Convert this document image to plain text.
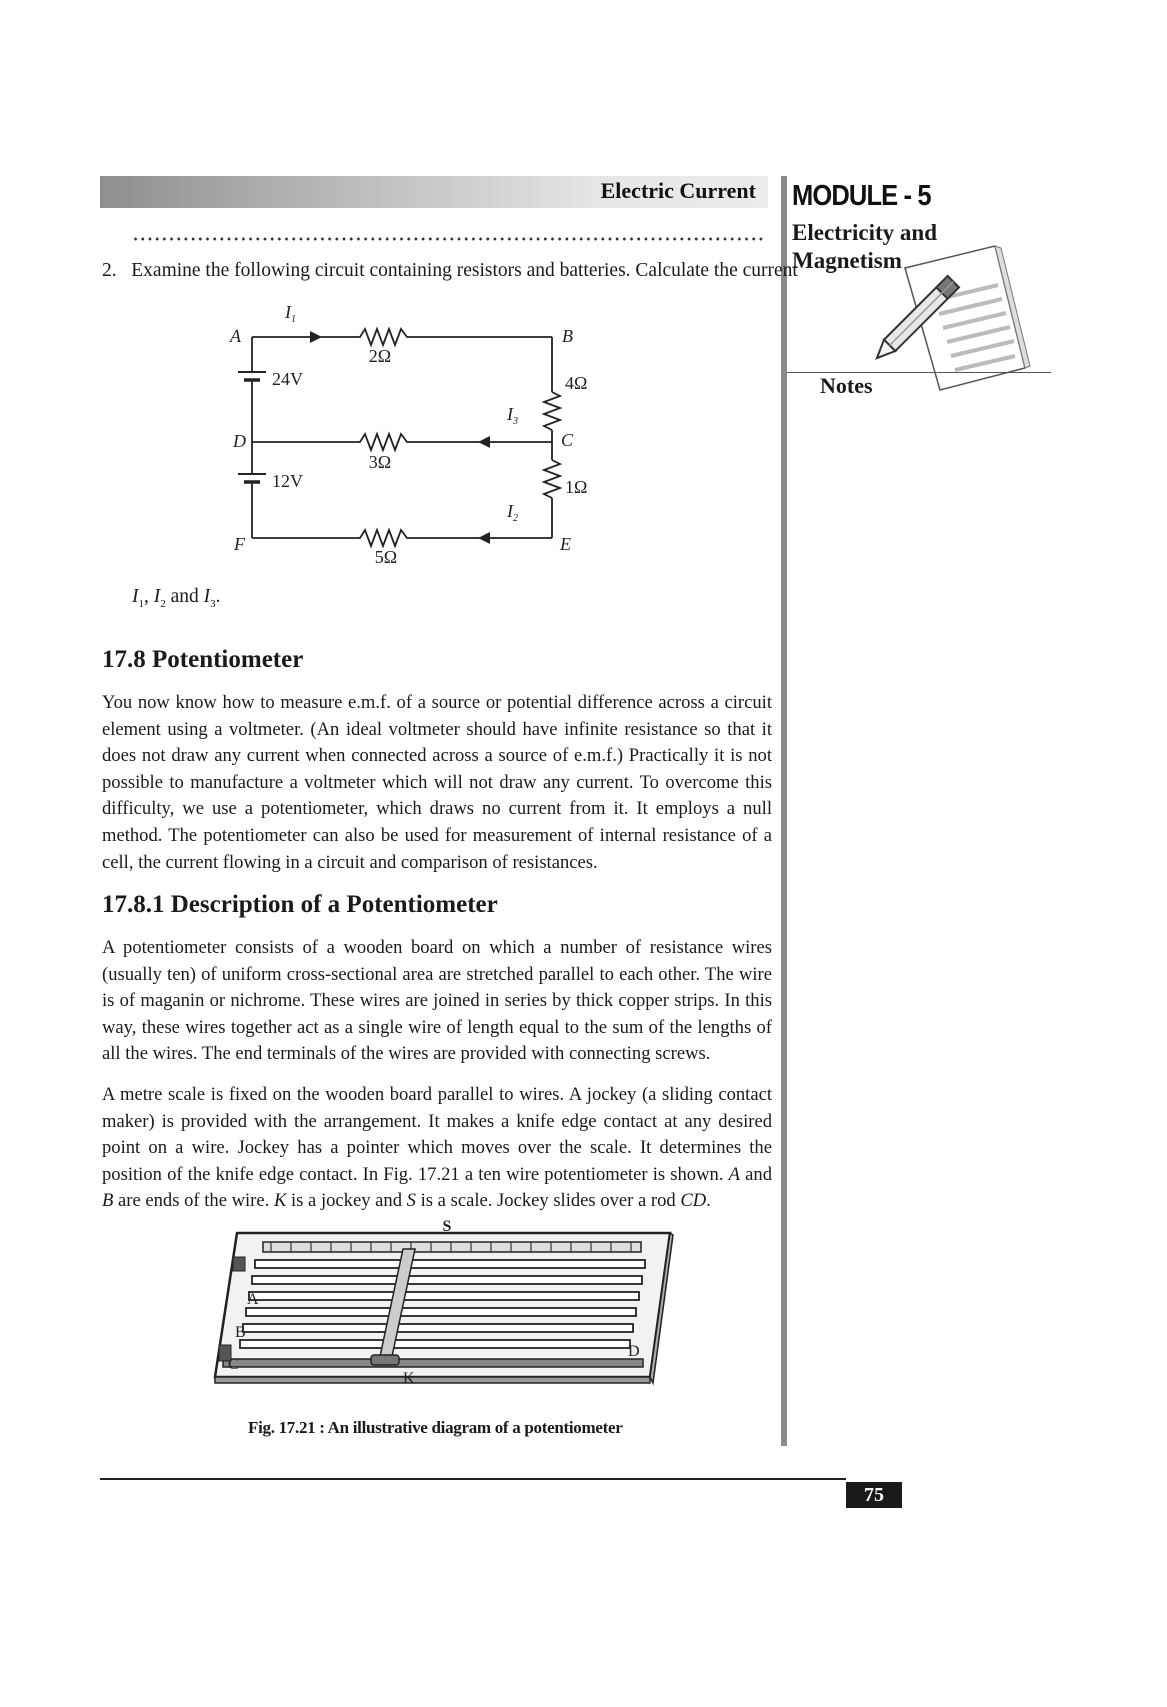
Electric Current MODULE - 5
Electricity and
Magnetism
Notes
2. Examine the following circuit containing resistors and batteries. Calculate the current
A	B
C
D
E
F
$I_1$
$I_3$
$I_2$
2Ω
4Ω
3Ω
1Ω
5Ω
24V
12V
$I_1$, $I_2$ and $I_3$.
17.8 Potentiometer
You now know how to measure e.m.f. of a source or potential difference across a circuit element using a voltmeter. (An ideal voltmeter should have infinite resistance so that it does not draw any current when connected across a source of e.m.f.) Practically it is not possible to manufacture a voltmeter which will not draw any current. To overcome this difficulty, we use a potentiometer, which draws no current from it. It employs a null method. The potentiometer can also be used for measurement of internal resistance of a cell, the current flowing in a circuit and comparison of resistances.
17.8.1 Description of a Potentiometer
A potentiometer consists of a wooden board on which a number of resistance wires (usually ten) of uniform cross-sectional area are stretched parallel to each other. The wire is of maganin or nichrome. These wires are joined in series by thick copper strips. In this way, these wires together act as a single wire of length equal to the sum of the lengths of all the wires. The end terminals of the wires are provided with connecting screws.
A metre scale is fixed on the wooden board parallel to wires. A jockey (a sliding contact maker) is provided with the arrangement. It makes a knife edge contact at any desired point on a wire. Jockey has a pointer which moves over the scale. It determines the position of the knife edge contact. In Fig. 17.21 a ten wire potentiometer is shown. A and B are ends of the wire. K is a jockey and S is a scale. Jockey slides over a rod CD.
S
A
B
C
D
K
Fig. 17.21 : An illustrative diagram of a potentiometer
75
